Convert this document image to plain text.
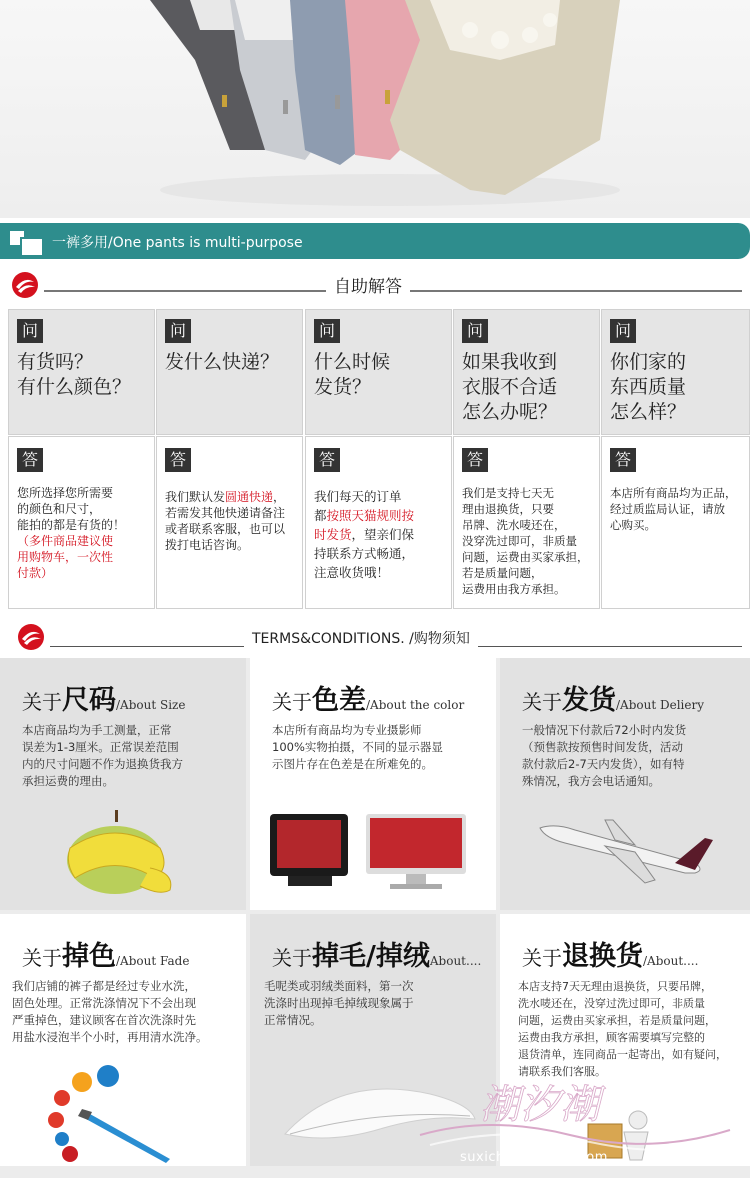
一裤多用/One pants is multi-purpose
自助解答
问
有货吗？
有什么颜色？
答
您所选择您所需要
的颜色和尺寸，
能拍的都是有货的！
（多件商品建议使
用购物车，一次性
付款）
问
发什么快递？
答
我们默认发圆通快递，
若需发其他快递请备注
或者联系客服，也可以
拨打电话咨询。
问
什么时候
发货？
答
我们每天的订单
都按照天猫规则按
时发货，望亲们保
持联系方式畅通，
注意收货哦！
问
如果我收到
衣服不合适
怎么办呢？
答
我们是支持七天无
理由退换货，只要
吊牌、洗水唛还在，
没穿洗过即可，非质量
问题，运费由买家承担，
若是质量问题，
运费用由我方承担。
问
你们家的
东西质量
怎么样？
答
本店所有商品均为正品，
经过质监局认证，请放
心购买。
TERMS&CONDITIONS. /购物须知
关于尺码/About Size
本店商品均为手工测量，正常
误差为1-3厘米。正常误差范围
内的尺寸问题不作为退换货我方
承担运费的理由。
关于色差/About the color
本店所有商品均为专业摄影师
100%实物拍摄，不同的显示器显
示图片存在色差是在所难免的。
关于发货/About Deliery
一般情况下付款后72小时内发货
（预售款按预售时间发货，活动
款付款后2-7天内发货），如有特
殊情况，我方会电话通知。
关于掉色/About Fade
我们店铺的裤子都是经过专业水洗，
固色处理。正常洗涤情况下不会出现
严重掉色，建议顾客在首次洗涤时先
用盐水浸泡半个小时，再用清水洗净。
关于掉毛/掉绒About....
毛呢类或羽绒类面料，第一次
洗涤时出现掉毛掉绒现象属于
正常情况。
关于退换货/About....
本店支持7天无理由退换货，只要吊牌，
洗水唛还在，没穿过洗过即可，非质量
问题，运费由买家承担，若是质量问题，
运费由我方承担，顾客需要填写完整的
退货清单，连同商品一起寄出，如有疑问，
请联系我们客服。
潮汐潮
suxichao.taobao.com
